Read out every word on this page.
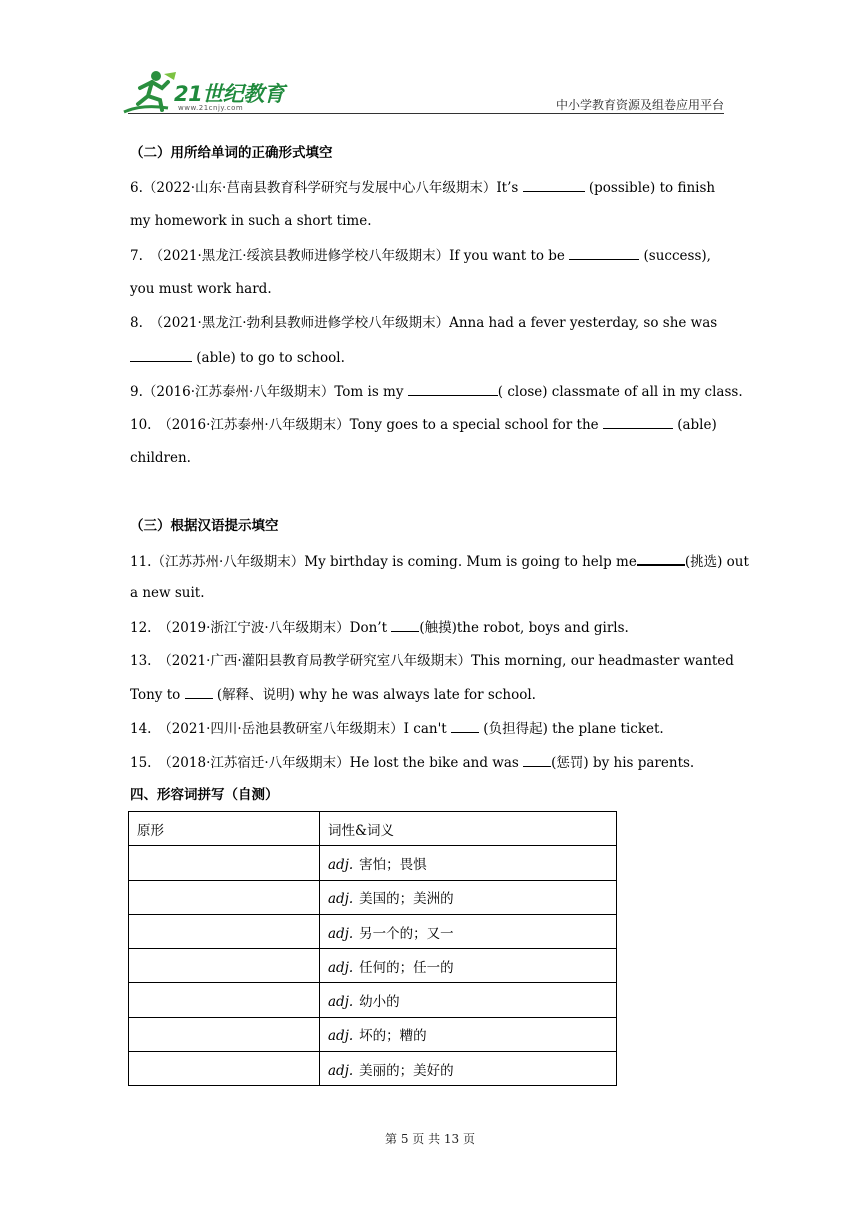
21世纪教育
www.21cnjy.com	中小学教育资源及组卷应用平台
（二）用所给单词的正确形式填空
6.（2022·山东·莒南县教育科学研究与发展中心八年级期末）It’s	(possible) to finish
my homework in such a short time.
7.　（2021·黑龙江·绥滨县教师进修学校八年级期末）If you want to be	(success),
you must work hard.
8.　（2021·黑龙江·勃利县教师进修学校八年级期末）Anna had a fever yesterday, so she was
(able) to go to school.
9.（2016·江苏泰州·八年级期末）Tom is my	( close) classmate of all in my class.
10.　（2016·江苏泰州·八年级期末）Tony goes to a special school for the	(able)
children.
（三）根据汉语提示填空
11.（江苏苏州·八年级期末）My birthday is coming. Mum is going to help me	(挑选) out
a new suit.
12.　（2019·浙江宁波·八年级期末）Don’t (触摸)the robot, boys and girls.
13.　（2021·广西·灌阳县教育局教学研究室八年级期末）This morning, our headmaster wanted
Tony to  (解释、说明) why he was always late for school.
14.　（2021·四川·岳池县教研室八年级期末）I can't  (负担得起) the plane ticket.
15.　（2018·江苏宿迁·八年级期末）He lost the bike and was (惩罚) by his parents.
四、形容词拼写（自测）
原形	词性&词义
	adj. 害怕；畏惧
	adj. 美国的；美洲的
	adj. 另一个的；又一
	adj. 任何的；任一的
	adj. 幼小的
	adj. 坏的；糟的
	adj. 美丽的；美好的
第 5 页 共 13 页
